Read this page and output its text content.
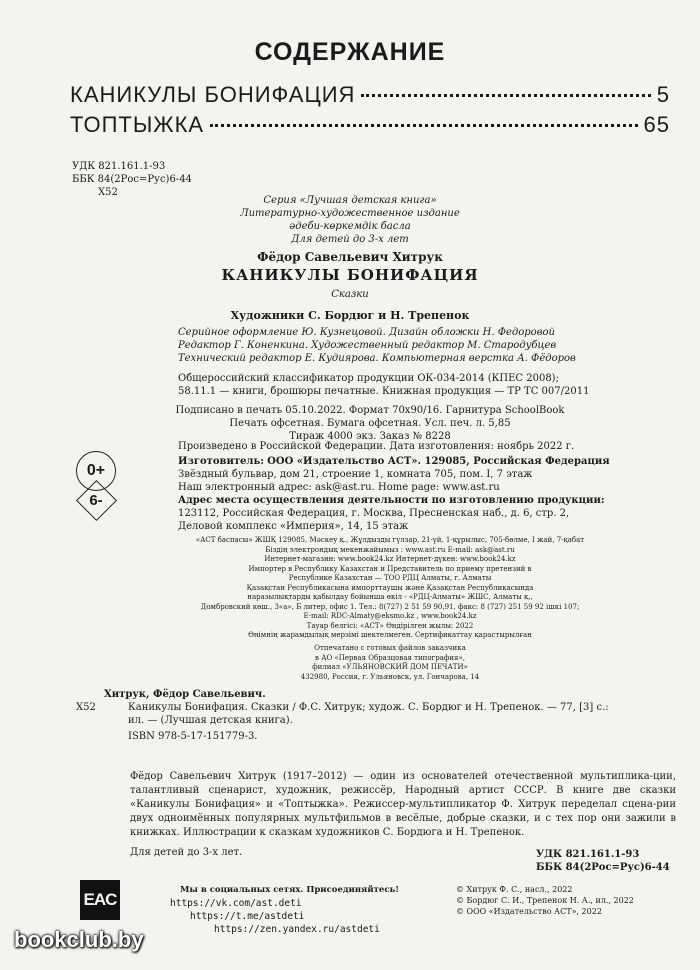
СОДЕРЖАНИЕ
КАНИКУЛЫ БОНИФАЦИЯ	5
ТОПТЫЖКА	65
УДК 821.161.1-93
ББК 84(2Рос=Рус)6-44
Х52
Серия «Лучшая детская книга»
Литературно-художественное издание
әдеби-көркемдік басла
Для детей до 3-х лет
Фёдор Савельевич Хитрук
КАНИКУЛЫ БОНИФАЦИЯ
Сказки
Художники С. Бордюг и Н. Трепенок
Серийное оформление Ю. Кузнецовой. Дизайн обложки Н. Федоровой
Редактор Г. Коненкина. Художественный редактор М. Стародубцев
Технический редактор Е. Кудиярова. Компьютерная верстка А. Фёдоров
Общероссийский классификатор продукции ОК-034-2014 (КПЕС 2008);
58.11.1 — книги, брошюры печатные. Книжная продукция — ТР ТС 007/2011
Подписано в печать 05.10.2022. Формат 70х90/16. Гарнитура SchoolBook
Печать офсетная. Бумага офсетная. Усл. печ. л. 5,85
Тираж 4000 экз. Заказ № 8228
0+
6-
Произведено в Российской Федерации. Дата изготовления: ноябрь 2022 г.
Изготовитель: ООО «Издательство АСТ». 129085, Российская Федерация
Звёздный бульвар, дом 21, строение 1, комната 705, пом. I, 7 этаж
Наш электронный адрес: ask@ast.ru. Home page: www.ast.ru
Адрес места осуществления деятельности по изготовлению продукции:
123112, Российская Федерация, г. Москва, Пресненская наб., д. 6, стр. 2,
Деловой комплекс «Империя», 14, 15 этаж
«АСТ баспасы» ЖШҚ 129085, Мәскеу қ., Жұлдызды гүлзар, 21-үй, 1-құрылыс, 705-бөлме, I жай, 7-қабат
Біздің электрондық мекенжайымыз : www.ast.ru E-mail: ask@ast.ru
Интернет-магазин: www.book24.kz Интернет-дүкен: www.book24.kz
Импортер в Республику Казахстан и Представитель по приему претензий в
Республике Казахстан — ТОО РДЦ Алматы, г. Алматы
Қазақстан Республикасына импорттаушы және Қазақстан Республикасында
наразылықтарды қабылдау бойынша өкіл - «РДЦ-Алматы» ЖШС, Алматы қ.,
Домбровский көш., 3«а», Б литер, офис 1. Тел.: 8(727) 2 51 59 90,91, факс: 8 (727) 251 59 92 ішкі 107;
E-mail: RDC-Almaty@eksmo.kz , www.book24.kz
Тауар белгісі: «АСТ» Өндірілген жылы: 2022
Өнімнің жарамдылық мерзімі шектелмеген. Сертификаттау қарастырылған
Отпечатано с готовых файлов заказчика
в АО «Первая Образцовая типография»,
филиал «УЛЬЯНОВСКИЙ ДОМ ПЕЧАТИ»
432980, Россия, г. Ульяновск, ул. Гончарова, 14
Хитрук, Фёдор Савельевич.
Х52	Каникулы Бонифация. Сказки / Ф.С. Хитрук; худож. С. Бордюг и Н. Трепенок. — 77, [3] с.:
ил. — (Лучшая детская книга).
ISBN 978-5-17-151779-3.
Фёдор Савельевич Хитрук (1917–2012) — один из основателей отечественной мультиплика-ции, талантливый сценарист, художник, режиссёр, Народный артист СССР. В книге две сказки «Каникулы Бонифация» и «Топтыжка». Режиссер-мультипликатор Ф. Хитрук переделал сцена-рии двух одноимённых популярных мультфильмов в весёлые, добрые сказки, и с тех пор они зажили в книжках. Иллюстрации к сказкам художников С. Бордюга и Н. Трепенок.
Для детей до 3-х лет.	УДК 821.161.1-93
ББК 84(2Рос=Рус)6-44
EAC	Мы в социальных сетях. Присоединяйтесь!
https://vk.com/ast.deti https://t.me/astdeti
https://zen.yandex.ru/astdeti
© Хитрук Ф. С., насл., 2022
© Бордюг С. И., Трепенок Н. А., ил., 2022
© ООО «Издательство АСТ», 2022
bookclub.by
